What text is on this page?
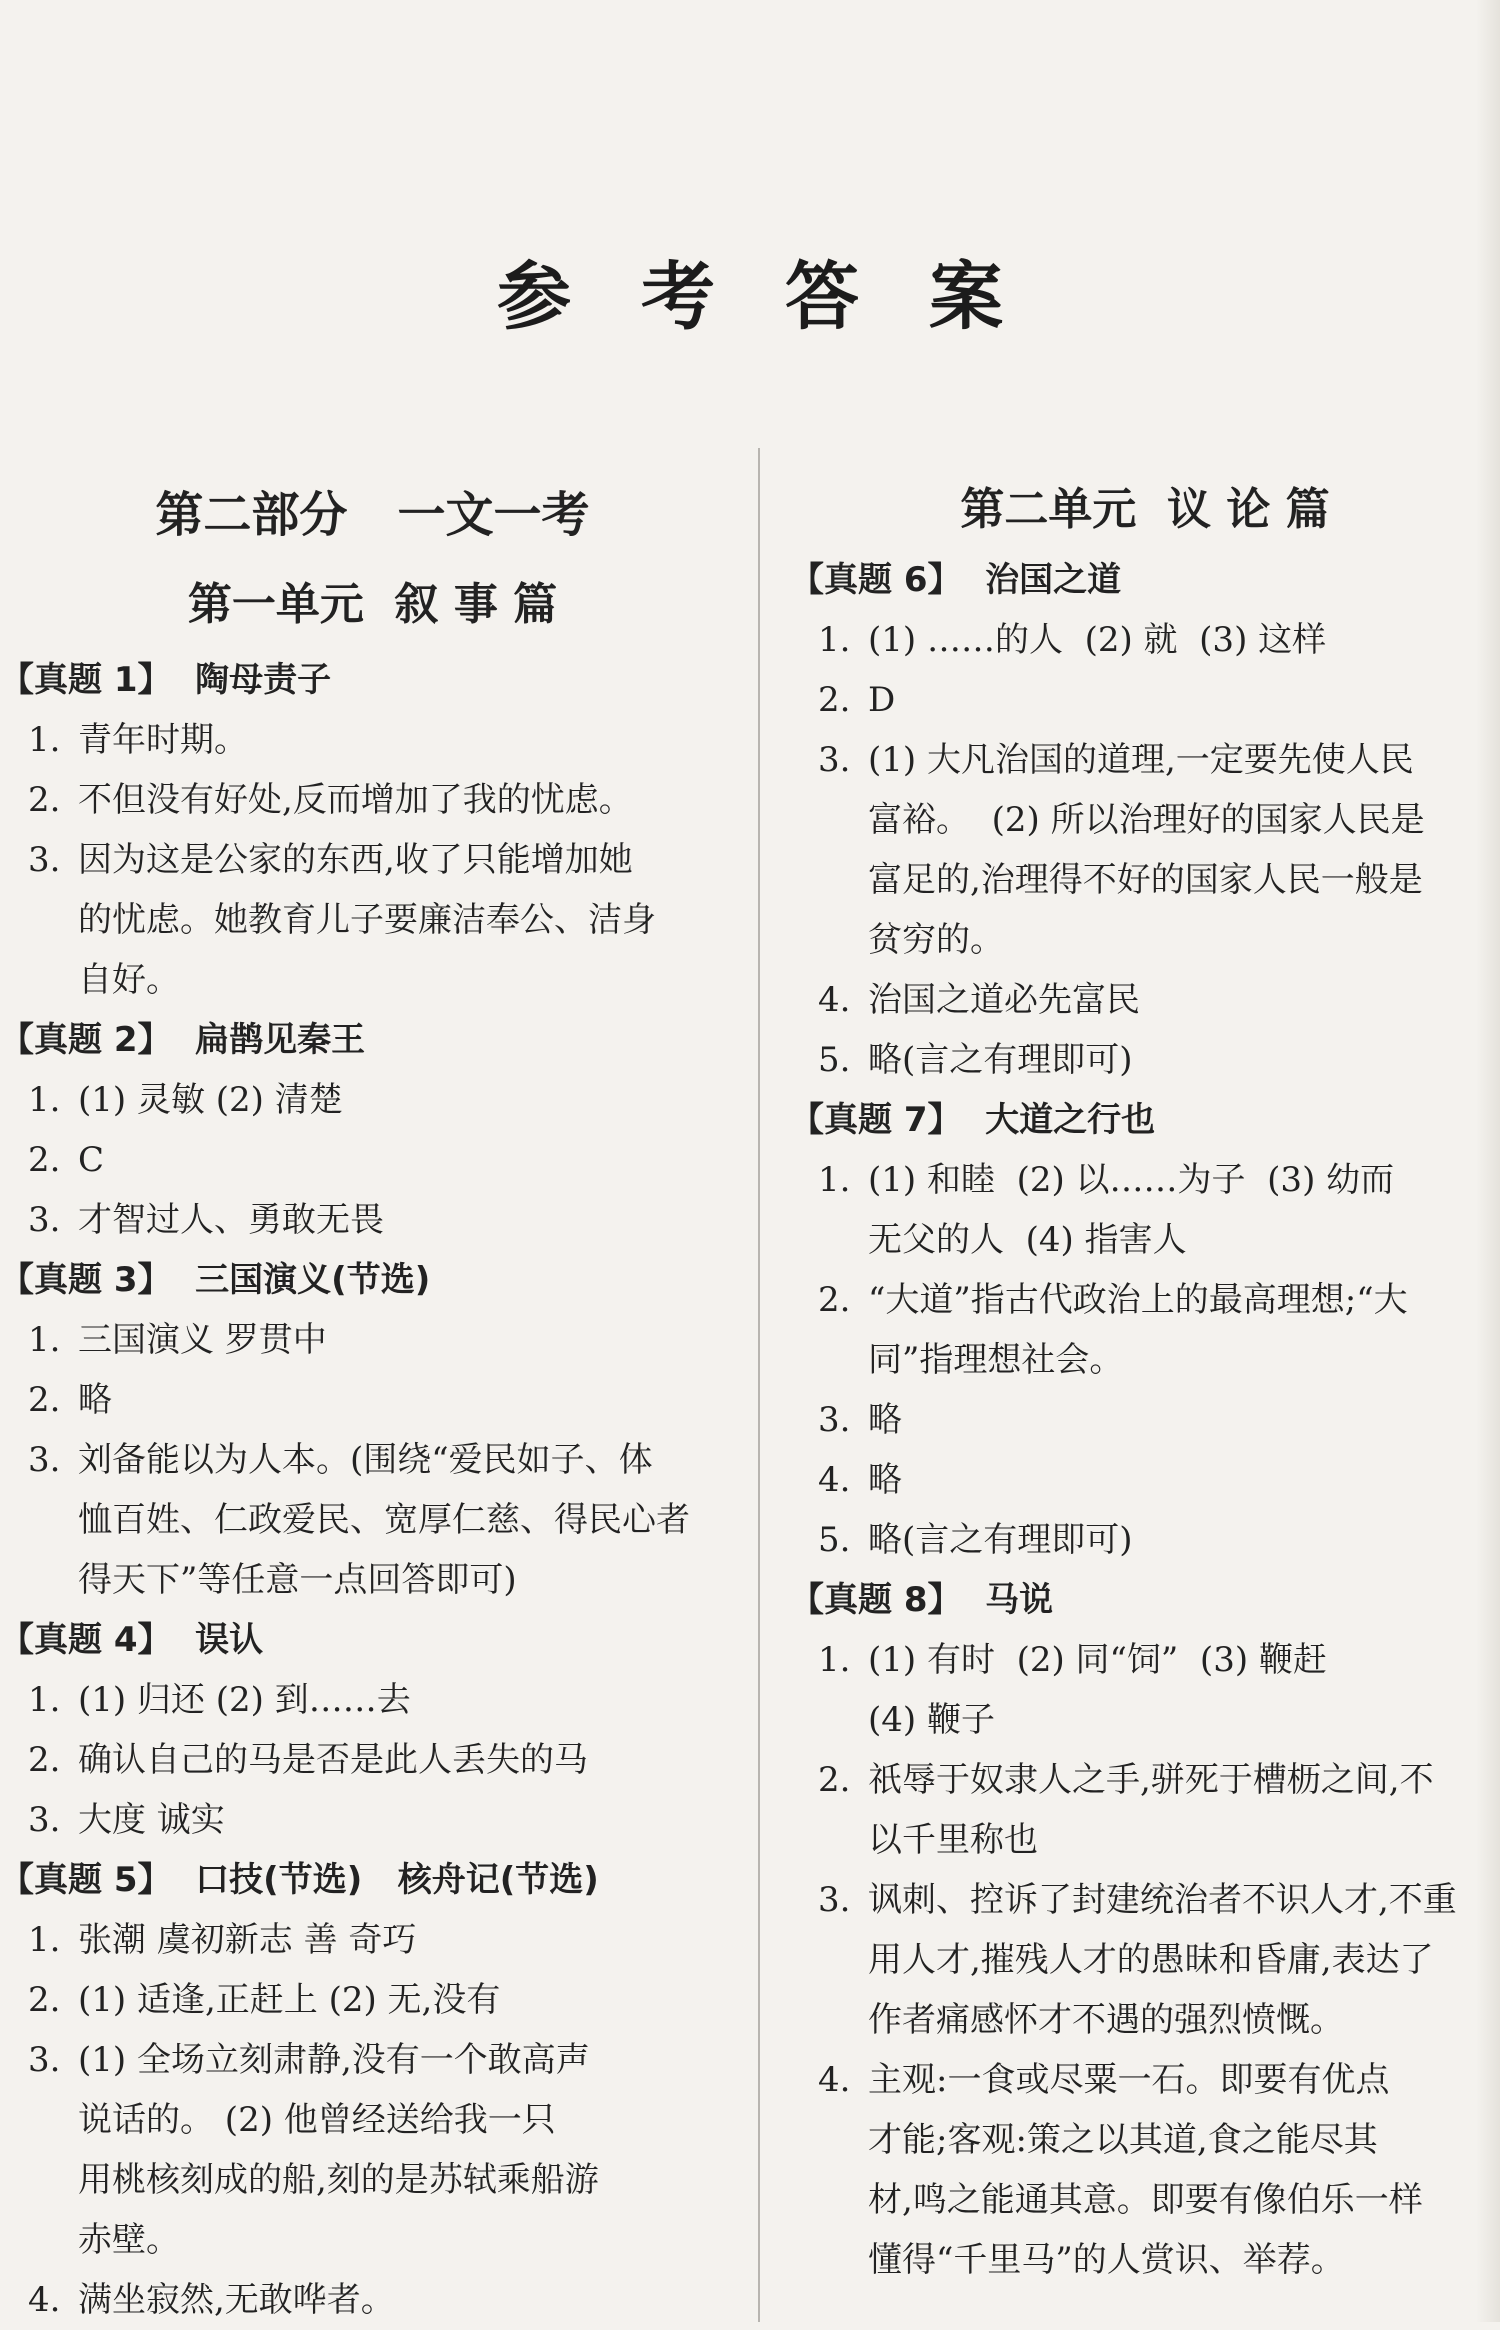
参考答案
第二部分   一文一考
第一单元  叙 事 篇
【真题 1】  陶母责子
1. 青年时期。
2. 不但没有好处,反而增加了我的忧虑。
3. 因为这是公家的东西,收了只能增加她
的忧虑。她教育儿子要廉洁奉公、洁身
自好。
【真题 2】  扁鹊见秦王
1. (1) 灵敏 (2) 清楚
2. C
3. 才智过人、勇敢无畏
【真题 3】  三国演义(节选)
1. 三国演义 罗贯中
2. 略
3. 刘备能以为人本。(围绕“爱民如子、体
恤百姓、仁政爱民、宽厚仁慈、得民心者
得天下”等任意一点回答即可)
【真题 4】  误认
1. (1) 归还 (2) 到……去
2. 确认自己的马是否是此人丢失的马
3. 大度 诚实
【真题 5】  口技(节选)   核舟记(节选)
1. 张潮 虞初新志 善 奇巧
2. (1) 适逢,正赶上 (2) 无,没有
3. (1) 全场立刻肃静,没有一个敢高声
说话的。 (2) 他曾经送给我一只
用桃核刻成的船,刻的是苏轼乘船游
赤壁。
4. 满坐寂然,无敢哗者。
第二单元  议 论 篇
【真题 6】  治国之道
1. (1) ……的人  (2) 就  (3) 这样
2. D
3. (1) 大凡治国的道理,一定要先使人民
富裕。  (2) 所以治理好的国家人民是
富足的,治理得不好的国家人民一般是
贫穷的。
4. 治国之道必先富民
5. 略(言之有理即可)
【真题 7】  大道之行也
1. (1) 和睦  (2) 以……为子  (3) 幼而
无父的人  (4) 指害人
2. “大道”指古代政治上的最高理想;“大
同”指理想社会。
3. 略
4. 略
5. 略(言之有理即可)
【真题 8】  马说
1. (1) 有时  (2) 同“饲”  (3) 鞭赶
(4) 鞭子
2. 祇辱于奴隶人之手,骈死于槽枥之间,不
以千里称也
3. 讽刺、控诉了封建统治者不识人才,不重
用人才,摧残人才的愚昧和昏庸,表达了
作者痛感怀才不遇的强烈愤慨。
4. 主观:一食或尽粟一石。即要有优点
才能;客观:策之以其道,食之能尽其
材,鸣之能通其意。即要有像伯乐一样
懂得“千里马”的人赏识、举荐。
